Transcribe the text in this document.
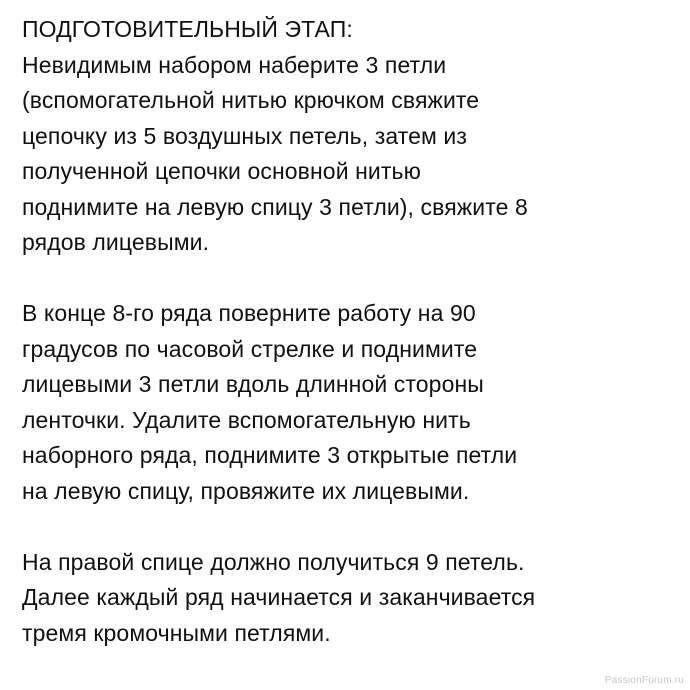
ПОДГОТОВИТЕЛЬНЫЙ ЭТАП:
Невидимым набором наберите 3 петли
(вспомогательной нитью крючком свяжите
цепочку из 5 воздушных петель, затем из
полученной цепочки основной нитью
поднимите на левую спицу 3 петли), свяжите 8
рядов лицевыми.
В конце 8-го ряда поверните работу на 90
градусов по часовой стрелке и поднимите
лицевыми 3 петли вдоль длинной стороны
ленточки. Удалите вспомогательную нить
наборного ряда, поднимите 3 открытые петли
на левую спицу, провяжите их лицевыми.
На правой спице должно получиться 9 петель.
Далее каждый ряд начинается и заканчивается
тремя кромочными петлями.
PassionForum.ru
